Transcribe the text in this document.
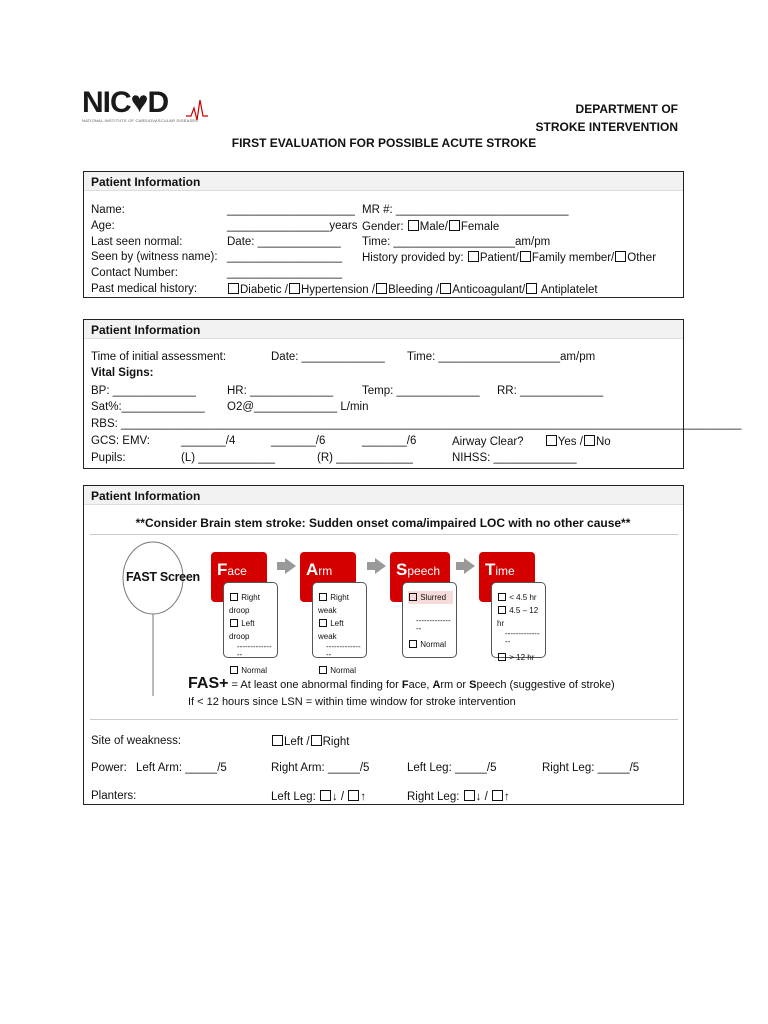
NIC♥D
NATIONAL INSTITUTE OF CARDIOVASCULAR DISEASES
DEPARTMENT OF
STROKE INTERVENTION
FIRST EVALUATION FOR POSSIBLE ACUTE STROKE
Patient Information
Name:	____________________ MR #: ___________________________
Age:	________________years Gender: Male/ Female
Last seen normal:	Date: _____________ Time: ___________________am/pm
Seen by (witness name): __________________ History provided by: Patient/ Family member/ Other
Contact Number:	__________________
Past medical history:	Diabetic / Hypertension / Bleeding / Anticoagulant/ Antiplatelet
Patient Information
Time of initial assessment:	Date: _____________ Time: ___________________am/pm
Vital Signs:
BP: _____________	HR: _____________	Temp: _____________ RR: _____________
Sat%:_____________ O2@_____________ L/min
RBS: _________________________________________________________________________________________________
GCS: EMV:	_______/4	_______/6	_______/6	Airway Clear?	Yes / No
Pupils:	(L) ____________	(R) ____________	NIHSS: _____________
Patient Information
**Consider Brain stem stroke: Sudden onset coma/impaired LOC with no other cause**
FAST Screen	Face
Right droop
Left droop
---------------
Normal
Arm
Right weak
Left weak
---------------
Normal
Speech
Slurred
---------------
Normal
Time
< 4.5 hr
4.5 – 12 hr
---------------
> 12 hr
FAS+ = At least one abnormal finding for Face, Arm or Speech (suggestive of stroke)
If < 12 hours since LSN = within time window for stroke intervention
Site of weakness:	Left / Right
Power: Left Arm: _____/5	Right Arm: _____/5	Left Leg: _____/5	Right Leg: _____/5
Planters:	Left Leg: ↓ / ↑	Right Leg: ↓ / ↑
